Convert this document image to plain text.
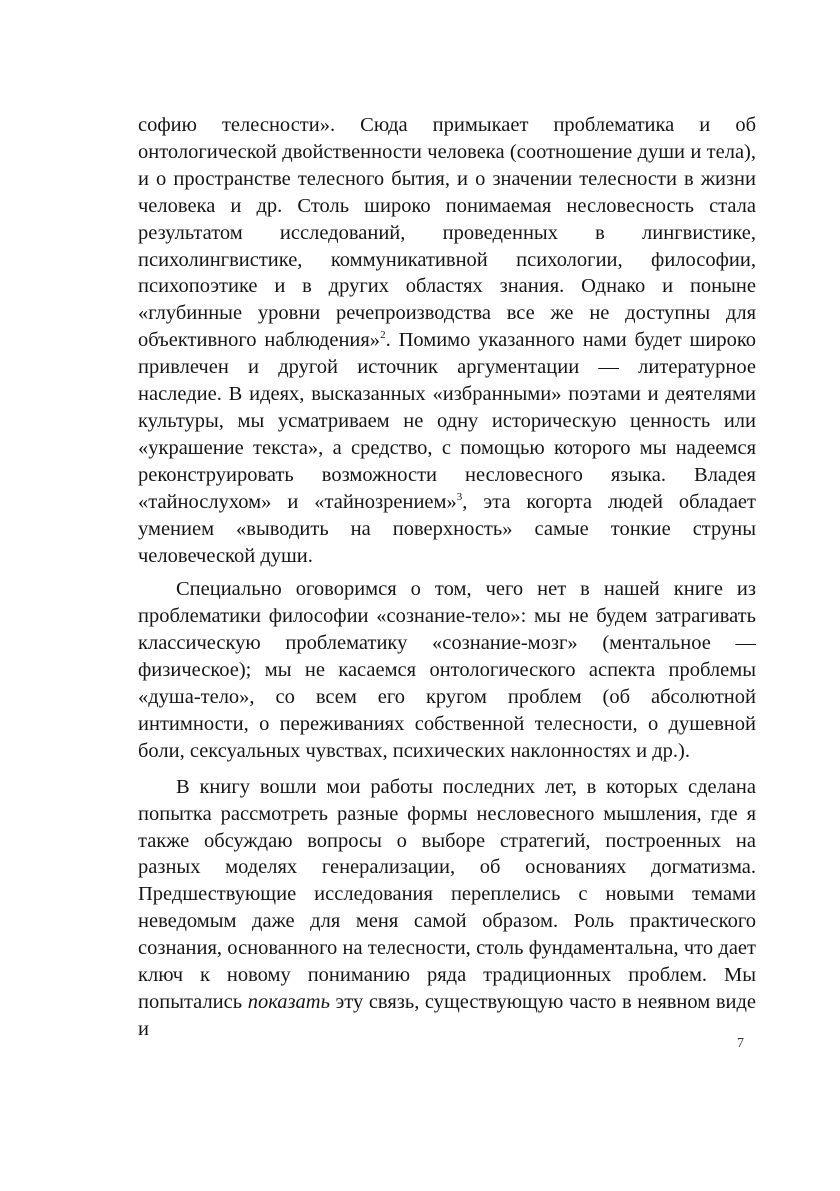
софию телесности». Сюда примыкает проблематика и об онтологической двойственности человека (соотношение души и тела), и о пространстве телесного бытия, и о значении телесности в жизни человека и др. Столь широко понимаемая несловесность стала результатом исследований, проведенных в лингвистике, психолингвистике, коммуникативной психологии, философии, психопоэтике и в других областях знания. Однако и поныне «глубинные уровни речепроизводства все же не доступны для объективного наблюдения»$^2$. Помимо указанного нами будет широко привлечен и другой источник аргументации — литературное наследие. В идеях, высказанных «избранными» поэтами и деятелями культуры, мы усматриваем не одну историческую ценность или «украшение текста», а средство, с помощью которого мы надеемся реконструировать возможности несловесного языка. Владея «тайнослухом» и «тайнозрением»$^3$, эта когорта людей обладает умением «выводить на поверхность» самые тонкие струны человеческой души.

Специально оговоримся о том, чего нет в нашей книге из проблематики философии «сознание-тело»: мы не будем затрагивать классическую проблематику «сознание-мозг» (ментальное — физическое); мы не касаемся онтологического аспекта проблемы «душа-тело», со всем его кругом проблем (об абсолютной интимности, о переживаниях собственной телесности, о душевной боли, сексуальных чувствах, психических наклонностях и др.).

В книгу вошли мои работы последних лет, в которых сделана попытка рассмотреть разные формы несловесного мышления, где я также обсуждаю вопросы о выборе стратегий, построенных на разных моделях генерализации, об основаниях догматизма. Предшествующие исследования переплелись с новыми темами неведомым даже для меня самой образом. Роль практического сознания, основанного на телесности, столь фундаментальна, что дает ключ к новому пониманию ряда традиционных проблем. Мы попытались показать эту связь, существующую часто в неявном виде и

7
